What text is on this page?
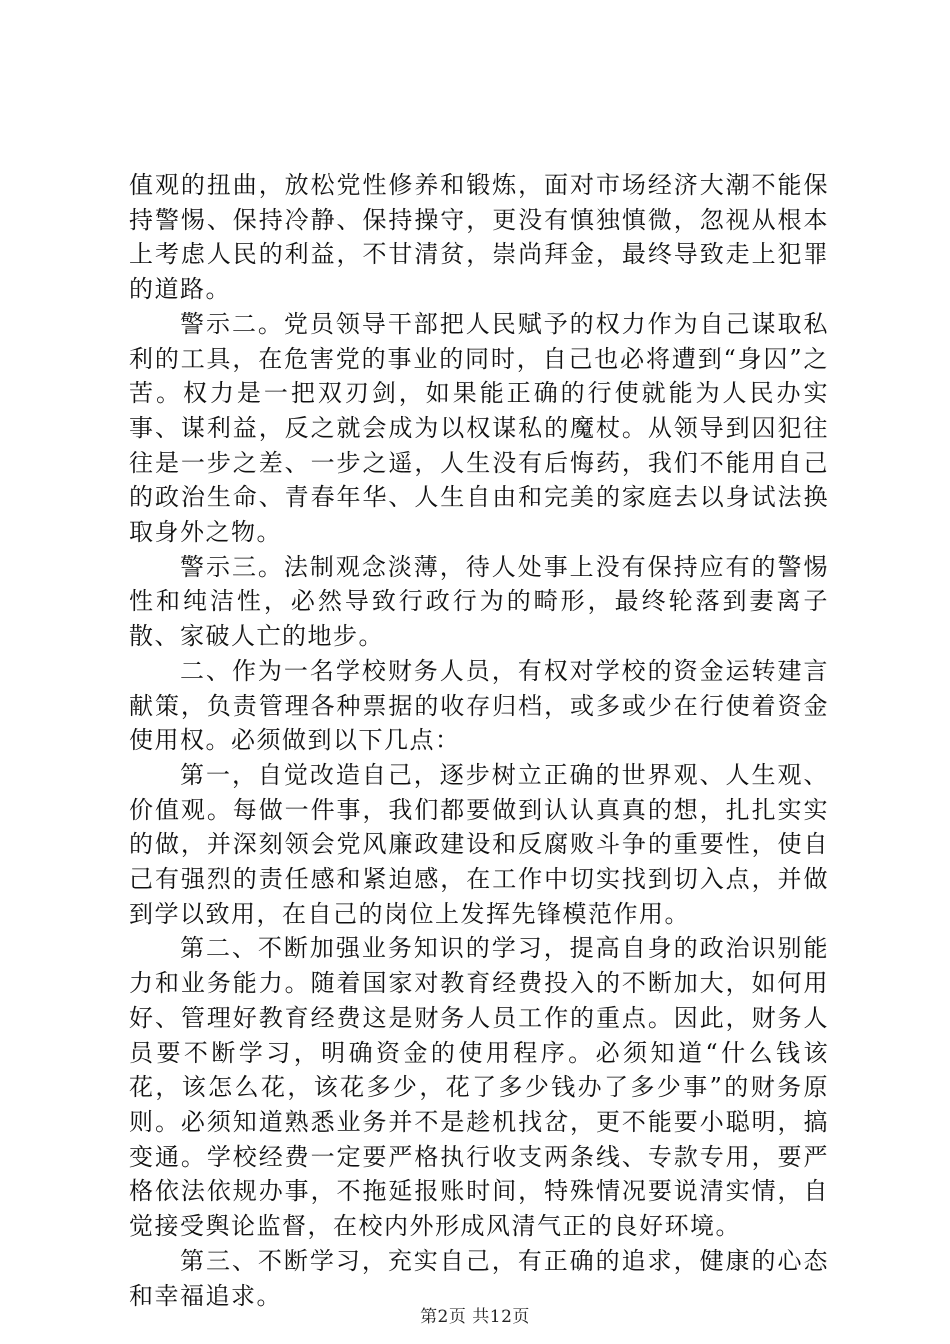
值观的扭曲，放松党性修养和锻炼，面对市场经济大潮不能保持警惕、保持冷静、保持操守，更没有慎独慎微，忽视从根本上考虑人民的利益，不甘清贫，崇尚拜金，最终导致走上犯罪的道路。

警示二。党员领导干部把人民赋予的权力作为自己谋取私利的工具，在危害党的事业的同时，自己也必将遭到“身囚”之苦。权力是一把双刃剑，如果能正确的行使就能为人民办实事、谋利益，反之就会成为以权谋私的魔杖。从领导到囚犯往往是一步之差、一步之遥，人生没有后悔药，我们不能用自己的政治生命、青春年华、人生自由和完美的家庭去以身试法换取身外之物。

警示三。法制观念淡薄，待人处事上没有保持应有的警惕性和纯洁性，必然导致行政行为的畸形，最终轮落到妻离子散、家破人亡的地步。

二、作为一名学校财务人员，有权对学校的资金运转建言献策，负责管理各种票据的收存归档，或多或少在行使着资金使用权。必须做到以下几点：

第一，自觉改造自己，逐步树立正确的世界观、人生观、价值观。每做一件事，我们都要做到认认真真的想，扎扎实实的做，并深刻领会党风廉政建设和反腐败斗争的重要性，使自己有强烈的责任感和紧迫感，在工作中切实找到切入点，并做到学以致用，在自己的岗位上发挥先锋模范作用。

第二、不断加强业务知识的学习，提高自身的政治识别能力和业务能力。随着国家对教育经费投入的不断加大，如何用好、管理好教育经费这是财务人员工作的重点。因此，财务人员要不断学习，明确资金的使用程序。必须知道“什么钱该花，该怎么花，该花多少，花了多少钱办了多少事”的财务原则。必须知道熟悉业务并不是趁机找岔，更不能要小聪明，搞变通。学校经费一定要严格执行收支两条线、专款专用，要严格依法依规办事，不拖延报账时间，特殊情况要说清实情，自觉接受舆论监督，在校内外形成风清气正的良好环境。

第三、不断学习，充实自己，有正确的追求，健康的心态和幸福追求。

第2页 共12页
